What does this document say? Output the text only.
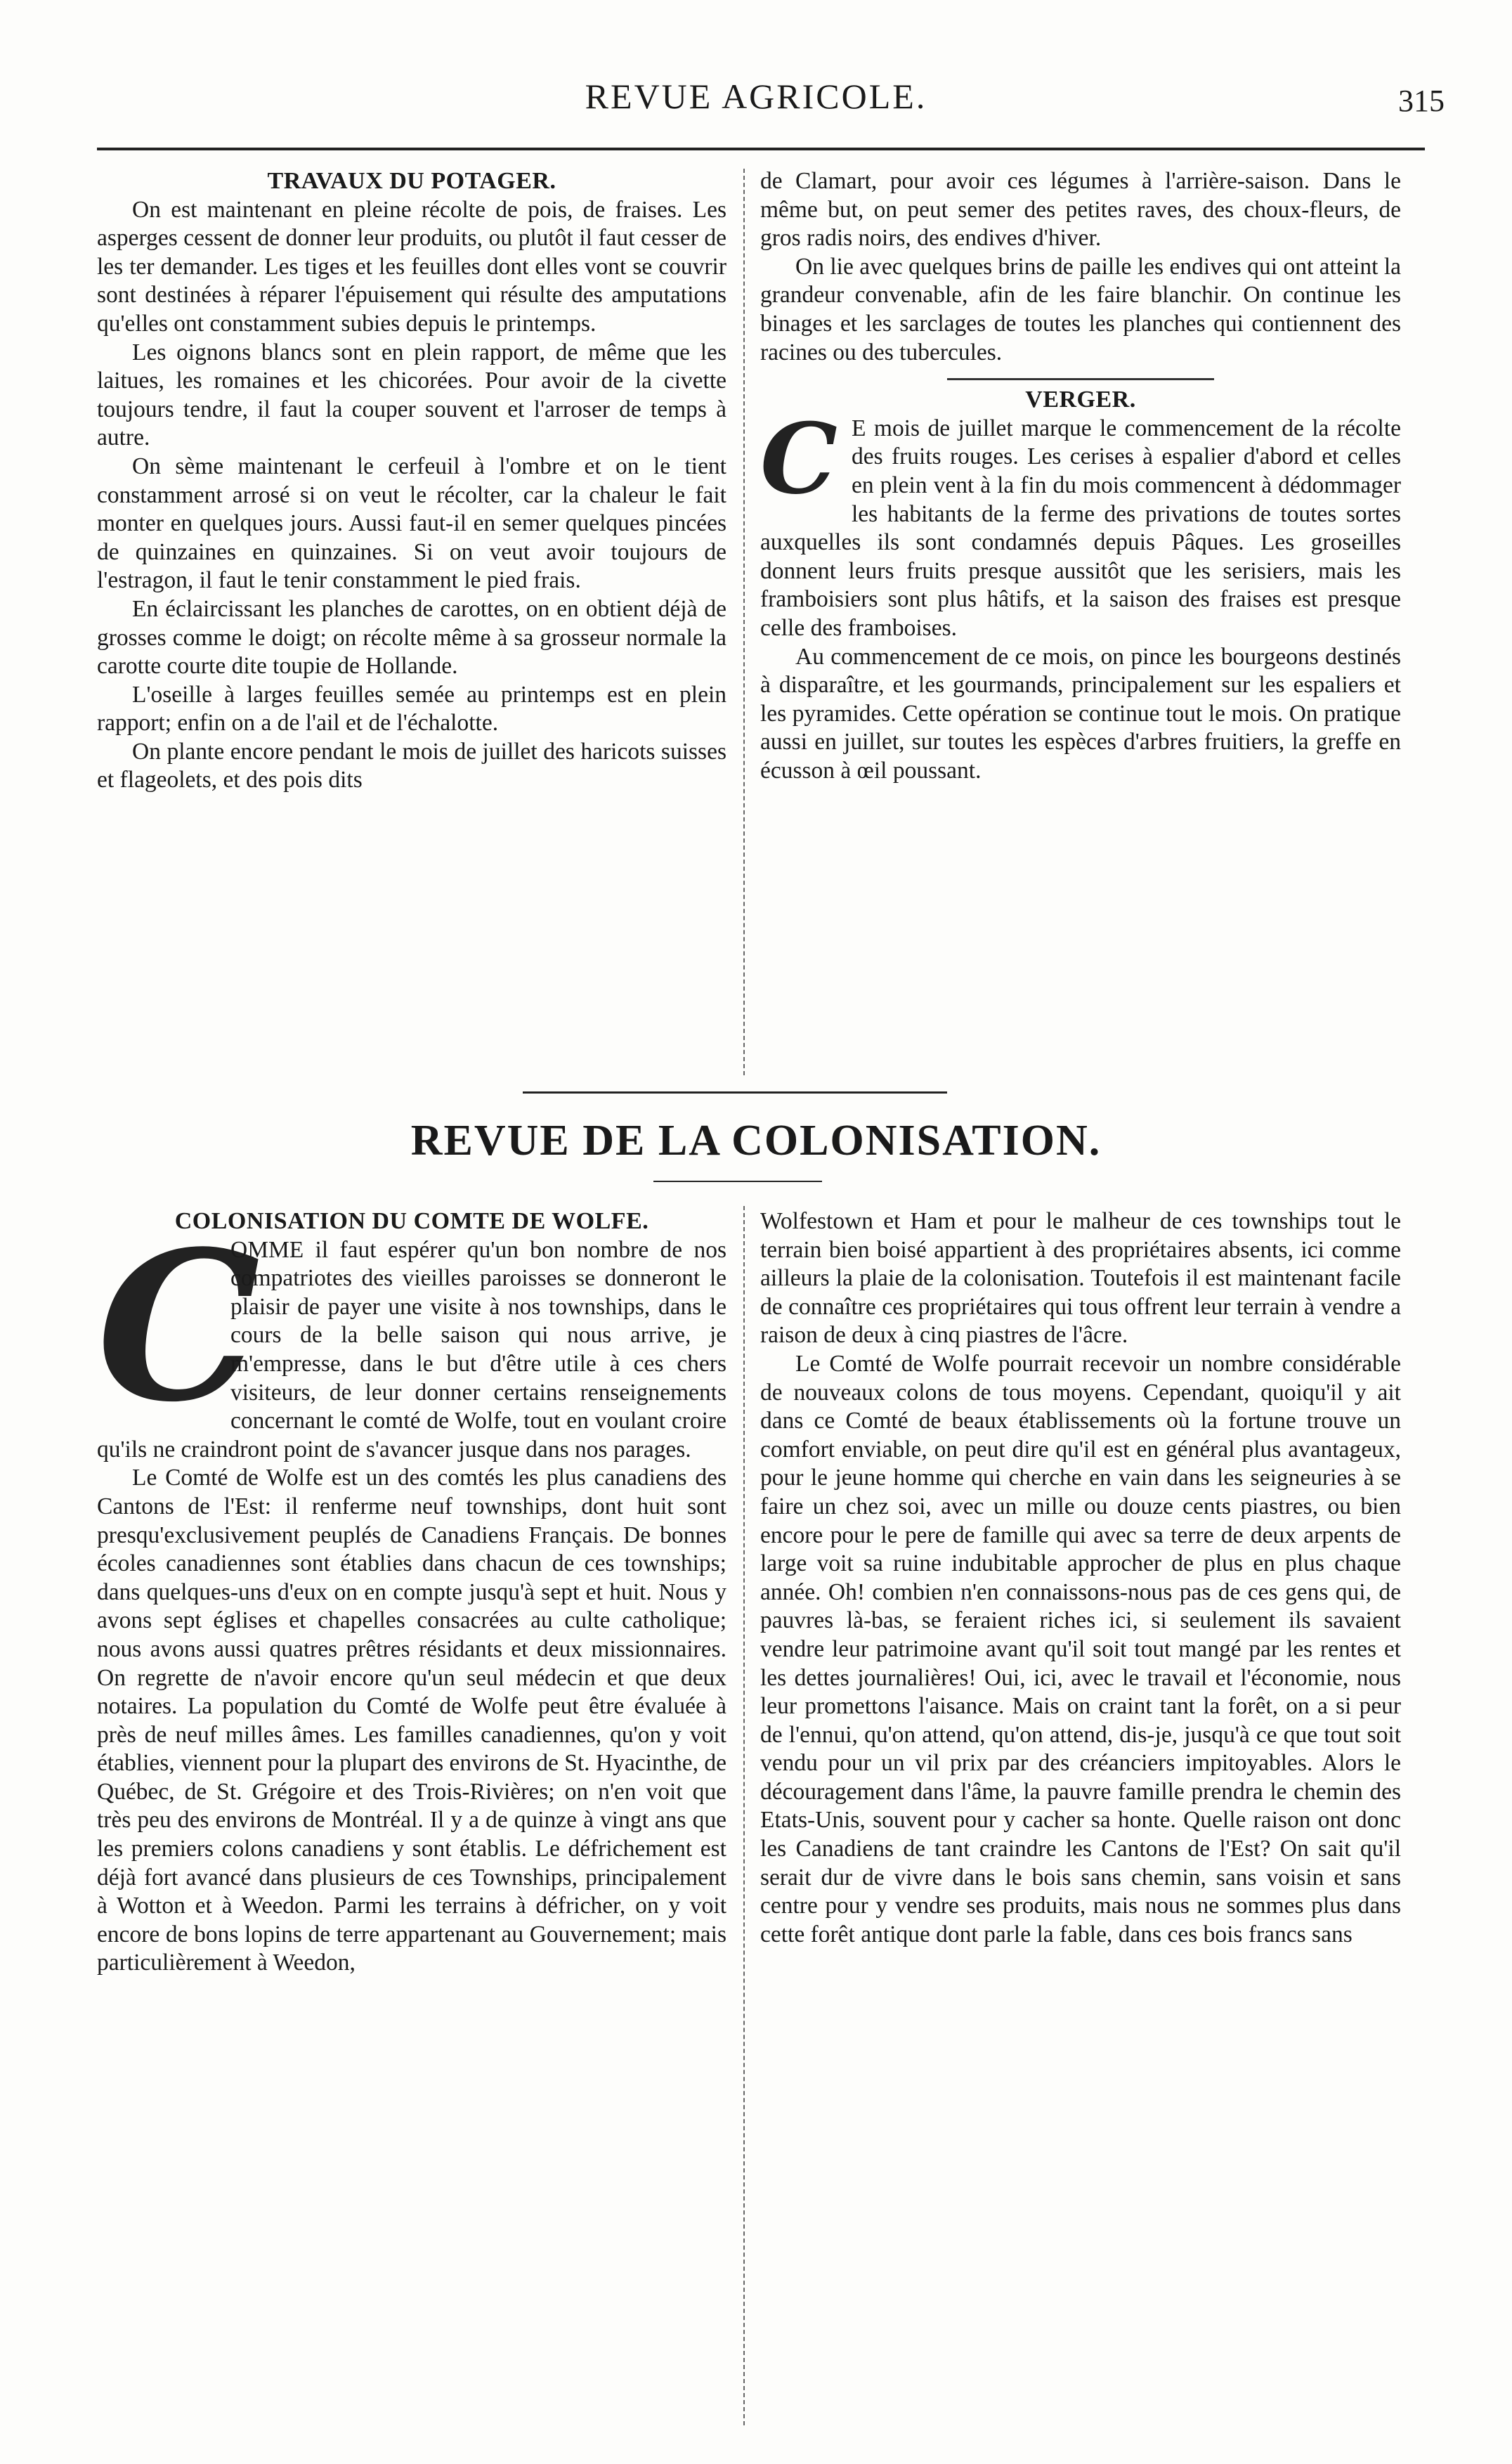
REVUE AGRICOLE.	315
TRAVAUX DU POTAGER.

On est maintenant en pleine récolte de pois, de fraises. Les asperges cessent de donner leur produits, ou plutôt il faut cesser de les ter demander. Les tiges et les feuilles dont elles vont se couvrir sont destinées à réparer l'épuisement qui résulte des amputations qu'elles ont constamment subies depuis le printemps.

Les oignons blancs sont en plein rapport, de même que les laitues, les romaines et les chicorées. Pour avoir de la civette toujours tendre, il faut la couper souvent et l'arroser de temps à autre.

On sème maintenant le cerfeuil à l'ombre et on le tient constamment arrosé si on veut le récolter, car la chaleur le fait monter en quelques jours. Aussi faut-il en semer quelques pincées de quinzaines en quinzaines. Si on veut avoir toujours de l'estragon, il faut le tenir constamment le pied frais.

En éclaircissant les planches de carottes, on en obtient déjà de grosses comme le doigt; on récolte même à sa grosseur normale la carotte courte dite toupie de Hollande.

L'oseille à larges feuilles semée au printemps est en plein rapport; enfin on a de l'ail et de l'échalotte.

On plante encore pendant le mois de juillet des haricots suisses et flageolets, et des pois dits

de Clamart, pour avoir ces légumes à l'arrière-saison. Dans le même but, on peut semer des petites raves, des choux-fleurs, de gros radis noirs, des endives d'hiver.

On lie avec quelques brins de paille les endives qui ont atteint la grandeur convenable, afin de les faire blanchir. On continue les binages et les sarclages de toutes les planches qui contiennent des racines ou des tubercules.

VERGER.

C E mois de juillet marque le commencement de la récolte des fruits rouges. Les cerises à espalier d'abord et celles en plein vent à la fin du mois commencent à dédommager les habitants de la ferme des privations de toutes sortes auxquelles ils sont condamnés depuis Pâques. Les groseilles donnent leurs fruits presque aussitôt que les serisiers, mais les framboisiers sont plus hâtifs, et la saison des fraises est presque celle des framboises.

Au commencement de ce mois, on pince les bourgeons destinés à disparaître, et les gourmands, principalement sur les espaliers et les pyramides. Cette opération se continue tout le mois. On pratique aussi en juillet, sur toutes les espèces d'arbres fruitiers, la greffe en écusson à œil poussant.

REVUE DE LA COLONISATION.
COLONISATION DU COMTE DE WOLFE.

C
OMME il faut espérer qu'un bon nombre de nos compatriotes des vieilles paroisses se donneront le plaisir de payer une visite à nos townships, dans le cours de la belle saison qui nous arrive, je m'empresse, dans le but d'être utile à ces chers visiteurs, de leur donner certains renseignements concernant le comté de Wolfe, tout en voulant croire qu'ils ne craindront point de s'avancer jusque dans nos parages.

Le Comté de Wolfe est un des comtés les plus canadiens des Cantons de l'Est: il renferme neuf townships, dont huit sont presqu'exclusivement peuplés de Canadiens Français. De bonnes écoles canadiennes sont établies dans chacun de ces townships; dans quelques-uns d'eux on en compte jusqu'à sept et huit. Nous y avons sept églises et chapelles consacrées au culte catholique; nous avons aussi quatres prêtres résidants et deux missionnaires. On regrette de n'avoir encore qu'un seul médecin et que deux notaires. La population du Comté de Wolfe peut être évaluée à près de neuf milles âmes. Les familles canadiennes, qu'on y voit établies, viennent pour la plupart des environs de St. Hyacinthe, de Québec, de St. Grégoire et des Trois-Rivières; on n'en voit que très peu des environs de Montréal. Il y a de quinze à vingt ans que les premiers colons canadiens y sont établis. Le défrichement est déjà fort avancé dans plusieurs de ces Townships, principalement à Wotton et à Weedon. Parmi les terrains à défricher, on y voit encore de bons lopins de terre appartenant au Gouvernement; mais particulièrement à Weedon,

Wolfestown et Ham et pour le malheur de ces townships tout le terrain bien boisé appartient à des propriétaires absents, ici comme ailleurs la plaie de la colonisation. Toutefois il est maintenant facile de connaître ces propriétaires qui tous offrent leur terrain à vendre a raison de deux à cinq piastres de l'âcre.

Le Comté de Wolfe pourrait recevoir un nombre considérable de nouveaux colons de tous moyens. Cependant, quoiqu'il y ait dans ce Comté de beaux établissements où la fortune trouve un comfort enviable, on peut dire qu'il est en général plus avantageux, pour le jeune homme qui cherche en vain dans les seigneuries à se faire un chez soi, avec un mille ou douze cents piastres, ou bien encore pour le pere de famille qui avec sa terre de deux arpents de large voit sa ruine indubitable approcher de plus en plus chaque année. Oh! combien n'en connaissons-nous pas de ces gens qui, de pauvres là-bas, se feraient riches ici, si seulement ils savaient vendre leur patrimoine avant qu'il soit tout mangé par les rentes et les dettes journalières! Oui, ici, avec le travail et l'économie, nous leur promettons l'aisance. Mais on craint tant la forêt, on a si peur de l'ennui, qu'on attend, qu'on attend, dis-je, jusqu'à ce que tout soit vendu pour un vil prix par des créanciers impitoyables. Alors le découragement dans l'âme, la pauvre famille prendra le chemin des Etats-Unis, souvent pour y cacher sa honte. Quelle raison ont donc les Canadiens de tant craindre les Cantons de l'Est? On sait qu'il serait dur de vivre dans le bois sans chemin, sans voisin et sans centre pour y vendre ses produits, mais nous ne sommes plus dans cette forêt antique dont parle la fable, dans ces bois francs sans
